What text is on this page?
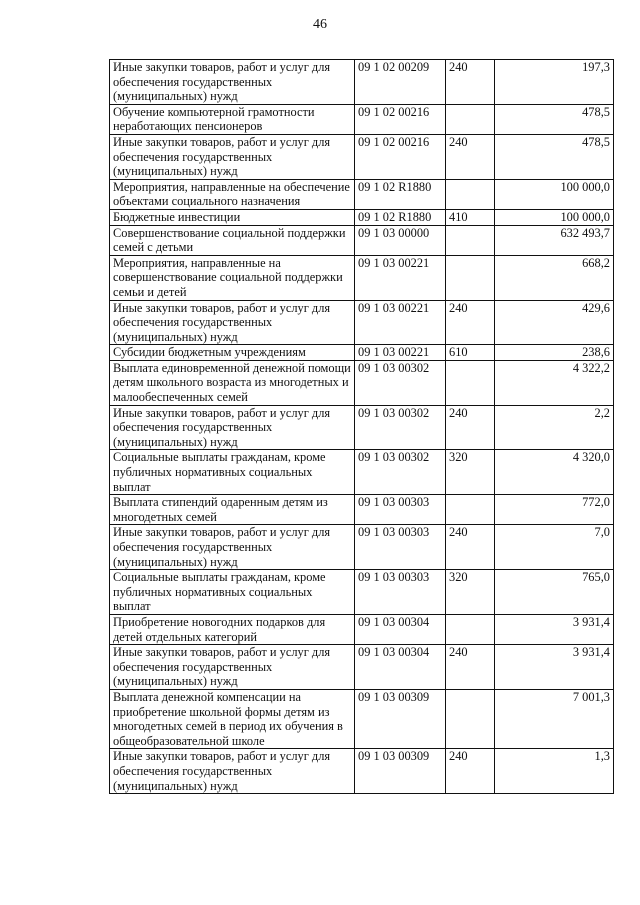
46
Иные закупки товаров, работ и услуг для обеспечения государственных (муниципальных) нужд	09 1 02 00209	240	197,3
Обучение компьютерной грамотности неработающих пенсионеров	09 1 02 00216		478,5
Иные закупки товаров, работ и услуг для обеспечения государственных (муниципальных) нужд	09 1 02 00216	240	478,5
Мероприятия, направленные на обеспечение объектами социального назначения	09 1 02 R1880		100 000,0
Бюджетные инвестиции	09 1 02 R1880	410	100 000,0
Совершенствование социальной поддержки семей с детьми	09 1 03 00000		632 493,7
Мероприятия, направленные на совершенствование социальной поддержки семьи и детей	09 1 03 00221		668,2
Иные закупки товаров, работ и услуг для обеспечения государственных (муниципальных) нужд	09 1 03 00221	240	429,6
Субсидии бюджетным учреждениям	09 1 03 00221	610	238,6
Выплата единовременной денежной помощи детям школьного возраста из многодетных и малообеспеченных семей	09 1 03 00302		4 322,2
Иные закупки товаров, работ и услуг для обеспечения государственных (муниципальных) нужд	09 1 03 00302	240	2,2
Социальные выплаты гражданам, кроме публичных нормативных социальных выплат	09 1 03 00302	320	4 320,0
Выплата стипендий одаренным детям из многодетных семей	09 1 03 00303		772,0
Иные закупки товаров, работ и услуг для обеспечения государственных (муниципальных) нужд	09 1 03 00303	240	7,0
Социальные выплаты гражданам, кроме публичных нормативных социальных выплат	09 1 03 00303	320	765,0
Приобретение новогодних подарков для детей отдельных категорий	09 1 03 00304		3 931,4
Иные закупки товаров, работ и услуг для обеспечения государственных (муниципальных) нужд	09 1 03 00304	240	3 931,4
Выплата денежной компенсации на приобретение школьной формы детям из многодетных семей в период их обучения в общеобразовательной школе	09 1 03 00309		7 001,3
Иные закупки товаров, работ и услуг для обеспечения государственных (муниципальных) нужд	09 1 03 00309	240	1,3
